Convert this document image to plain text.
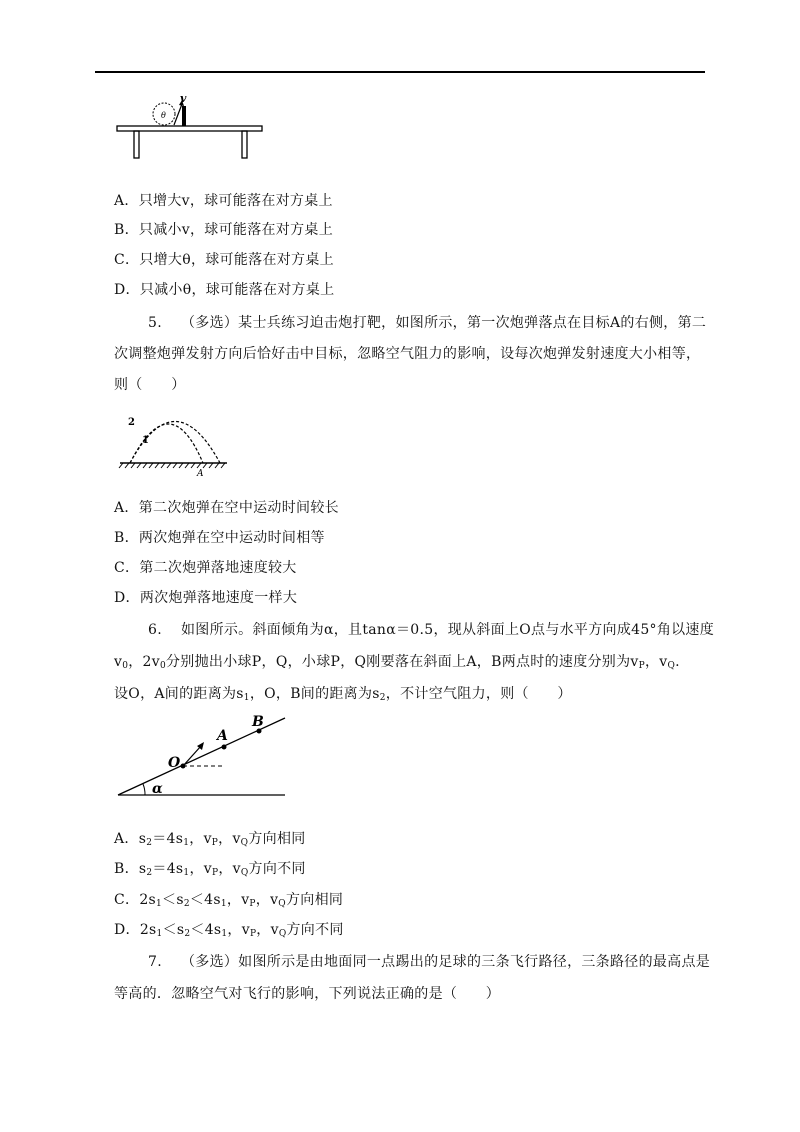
θ
v
A．只增大v，球可能落在对方桌上
B．只减小v，球可能落在对方桌上
C．只增大θ，球可能落在对方桌上
D．只减小θ，球可能落在对方桌上
5. （多选）某士兵练习迫击炮打靶，如图所示，第一次炮弹落点在目标A的右侧，第二
次调整炮弹发射方向后恰好击中目标，忽略空气阻力的影响，设每次炮弹发射速度大小相等，
则（　　）
2
1
A
A．第二次炮弹在空中运动时间较长
B．两次炮弹在空中运动时间相等
C．第二次炮弹落地速度较大
D．两次炮弹落地速度一样大
6. 如图所示。斜面倾角为α，且tanα＝0.5，现从斜面上O点与水平方向成45°角以速度
$v_0$，$2v_0$分别抛出小球P，Q，小球P，Q刚要落在斜面上A，B两点时的速度分别为$v_P$，$v_Q$.
设O，A间的距离为$s_1$，O，B间的距离为$s_2$，不计空气阻力，则（　　）
O
A
B
α
A．$s_2=4s_1$，$v_P$，$v_Q$方向相同
B．$s_2=4s_1$，$v_P$，$v_Q$方向不同
C．$2s_1<s_2<4s_1$，$v_P$，$v_Q$方向相同
D．$2s_1<s_2<4s_1$，$v_P$，$v_Q$方向不同
7. （多选）如图所示是由地面同一点踢出的足球的三条飞行路径，三条路径的最高点是
等高的．忽略空气对飞行的影响，下列说法正确的是（　　）
